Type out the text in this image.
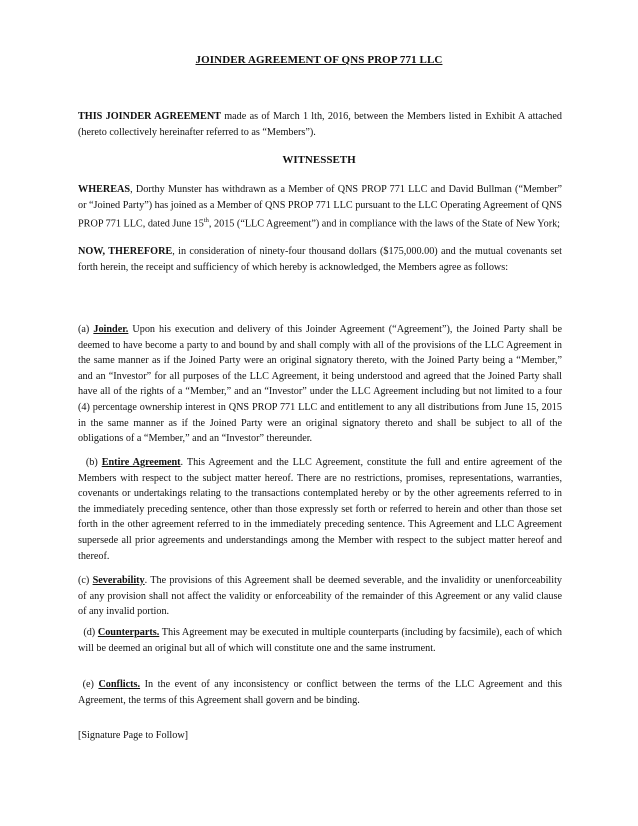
JOINDER AGREEMENT OF QNS PROP 771 LLC
THIS JOINDER AGREEMENT made as of March 1 lth, 2016, between the Members listed in Exhibit A attached (hereto collectively hereinafter referred to as “Members”).
WITNESSETH
WHEREAS, Dorthy Munster has withdrawn as a Member of QNS PROP 771 LLC and David Bullman (“Member” or “Joined Party”) has joined as a Member of QNS PROP 771 LLC pursuant to the LLC Operating Agreement of QNS PROP 771 LLC, dated June 15th, 2015 (“LLC Agreement”) and in compliance with the laws of the State of New York;
NOW, THEREFORE, in consideration of ninety-four thousand dollars ($175,000.00) and the mutual covenants set forth herein, the receipt and sufficiency of which hereby is acknowledged, the Members agree as follows:
(a) Joinder. Upon his execution and delivery of this Joinder Agreement (“Agreement”), the Joined Party shall be deemed to have become a party to and bound by and shall comply with all of the provisions of the LLC Agreement in the same manner as if the Joined Party were an original signatory thereto, with the Joined Party being a “Member,” and an “Investor” for all purposes of the LLC Agreement, it being understood and agreed that the Joined Party shall have all of the rights of a “Member,” and an “Investor” under the LLC Agreement including but not limited to a four (4) percentage ownership interest in QNS PROP 771 LLC and entitlement to any all distributions from June 15, 2015 in the same manner as if the Joined Party were an original signatory thereto and shall be subject to all of the obligations of a “Member,” and an “Investor” thereunder.
(b) Entire Agreement. This Agreement and the LLC Agreement, constitute the full and entire agreement of the Members with respect to the subject matter hereof. There are no restrictions, promises, representations, warranties, covenants or undertakings relating to the transactions contemplated hereby or by the other agreements referred to in the immediately preceding sentence, other than those expressly set forth or referred to herein and other than those set forth in the other agreement referred to in the immediately preceding sentence. This Agreement and LLC Agreement supersede all prior agreements and understandings among the Member with respect to the subject matter hereof and thereof.
(c) Severability. The provisions of this Agreement shall be deemed severable, and the invalidity or unenforceability of any provision shall not affect the validity or enforceability of the remainder of this Agreement or any valid clause of any invalid portion.
(d) Counterparts. This Agreement may be executed in multiple counterparts (including by facsimile), each of which will be deemed an original but all of which will constitute one and the same instrument.
(e) Conflicts. In the event of any inconsistency or conflict between the terms of the LLC Agreement and this Agreement, the terms of this Agreement shall govern and be binding.
[Signature Page to Follow]
